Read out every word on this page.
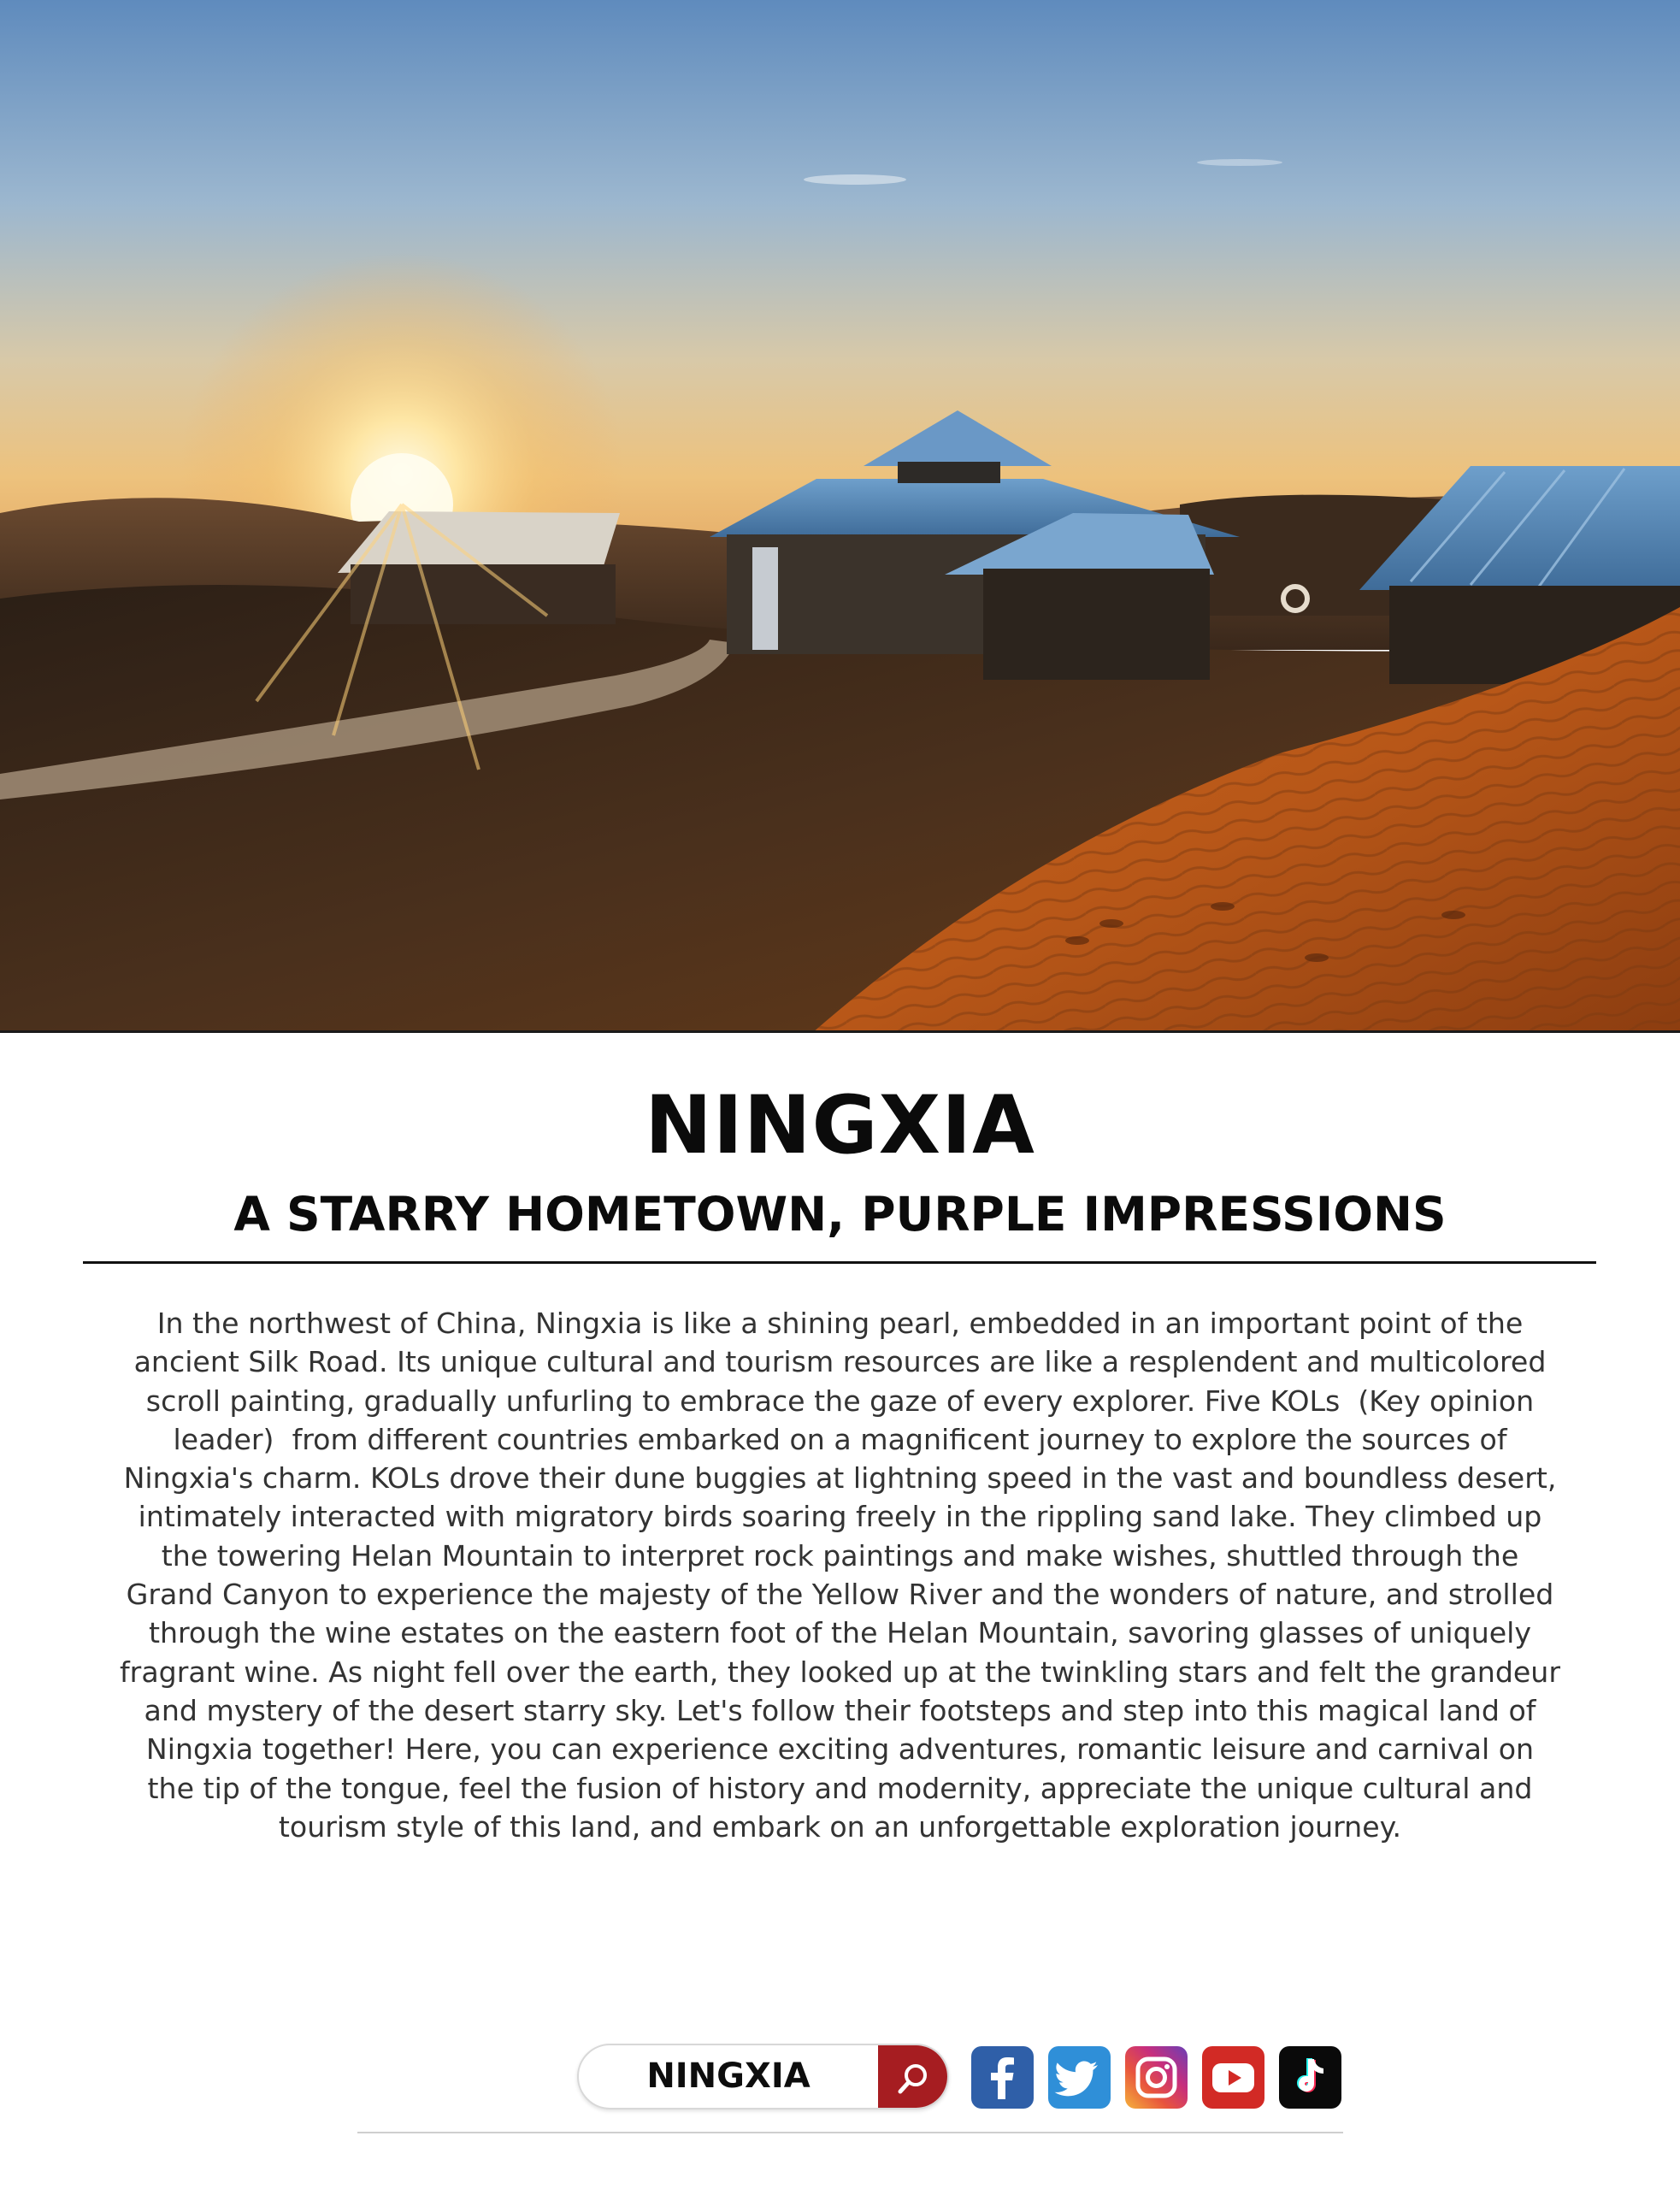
NINGXIA
A STARRY HOMETOWN, PURPLE IMPRESSIONS

In the northwest of China, Ningxia is like a shining pearl, embedded in an important point of the ancient Silk Road. Its unique cultural and tourism resources are like a resplendent and multicolored scroll painting, gradually unfurling to embrace the gaze of every explorer. Five KOLs  (Key opinion leader)  from different countries embarked on a magnificent journey to explore the sources of Ningxia's charm. KOLs drove their dune buggies at lightning speed in the vast and boundless desert, intimately interacted with migratory birds soaring freely in the rippling sand lake. They climbed up the towering Helan Mountain to interpret rock paintings and make wishes, shuttled through the Grand Canyon to experience the majesty of the Yellow River and the wonders of nature, and strolled through the wine estates on the eastern foot of the Helan Mountain, savoring glasses of uniquely fragrant wine. As night fell over the earth, they looked up at the twinkling stars and felt the grandeur and mystery of the desert starry sky. Let's follow their footsteps and step into this magical land of Ningxia together! Here, you can experience exciting adventures, romantic leisure and carnival on the tip of the tongue, feel the fusion of history and modernity, appreciate the unique cultural and tourism style of this land, and embark on an unforgettable exploration journey.

NINGXIA
